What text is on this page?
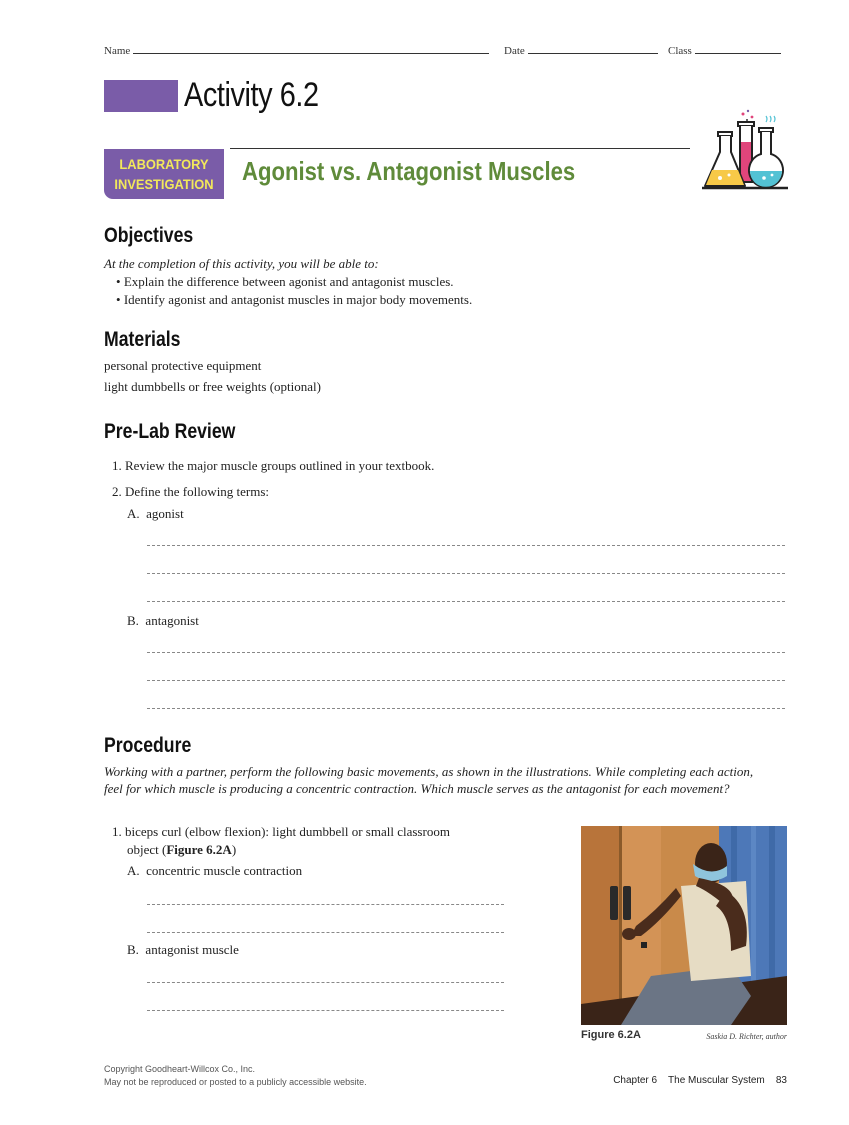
Name	Date	Class
Activity 6.2
LABORATORY
INVESTIGATION Agonist vs. Antagonist Muscles
Objectives
At the completion of this activity, you will be able to:
• Explain the difference between agonist and antagonist muscles.
• Identify agonist and antagonist muscles in major body movements.
Materials
personal protective equipment
light dumbbells or free weights (optional)
Pre-Lab Review
1. Review the major muscle groups outlined in your textbook.
2. Define the following terms:
A. agonist
B. antagonist
Procedure
Working with a partner, perform the following basic movements, as shown in the illustrations. While completing each action, feel for which muscle is producing a concentric contraction. Which muscle serves as the antagonist for each movement?
1. biceps curl (elbow flexion): light dumbbell or small classroom
object (Figure 6.2A)
A. concentric muscle contraction
B. antagonist muscle
Figure 6.2A	Saskia D. Richter, author
Copyright Goodheart-Willcox Co., Inc.
May not be reproduced or posted to a publicly accessible website.	Chapter 6 The Muscular System 83
